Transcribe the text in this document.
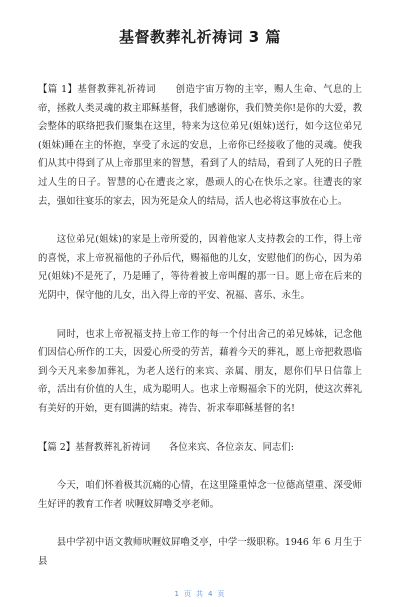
基督教葬礼祈祷词 3 篇

【篇 1】基督教葬礼祈祷词　　创造宇宙万物的主宰，赐人生命、气息的上帝，拯救人类灵魂的救主耶稣基督，我们感谢你，我们赞美你!是你的大爱，教会整体的联络把我们聚集在这里，特来为这位弟兄(姐妹)送行，如今这位弟兄(姐妹)睡在主的怀抱，享受了永远的安息，上帝你已经接收了他的灵魂。使我们从其中得到了从上帝那里来的智慧，看到了人的结局，看到了人死的日子胜过人生的日子。智慧的心在遭丧之家，愚顽人的心在快乐之家。往遭丧的家去，强如往宴乐的家去，因为死是众人的结局，活人也必将这事放在心上。

这位弟兄(姐妹)的家是上帝所爱的，因着他家人支持教会的工作，得上帝的喜悦，求上帝祝福他的子孙后代，赐福他的儿女，安慰他们的伤心，因为弟兄(姐妹)不是死了，乃是睡了，等待着被上帝叫醒的那一日。愿上帝在后来的光阴中，保守他的儿女，出入得上帝的平安、祝福、喜乐、永生。

同时，也求上帝祝福支持上帝工作的每一个付出舍己的弟兄姊妹，记念他们因信心所作的工夫，因爱心所受的劳苦，藉着今天的葬礼，愿上帝把救恩临到今天凡来参加葬礼，为老人送行的来宾、亲属、朋友，愿你们早日信靠上帝，活出有价值的人生，成为聪明人。也求上帝赐福余下的光阴，使这次葬礼有美好的开始，更有圆满的结束。祷告、祈求奉耶稣基督的名!

【篇 2】基督教葬礼祈祷词　　各位来宾、各位亲友、同志们:

今天，咱们怀着极其沉痛的心情，在这里隆重悼念一位德高望重、深受师生好评的教育工作者 吠喱妏屛嚕爻亭老师。

县中学初中语文教师吠喱妏屛嚕爻亭，中学一级职称。1946 年 6 月生于县

1 页 共 4 页
